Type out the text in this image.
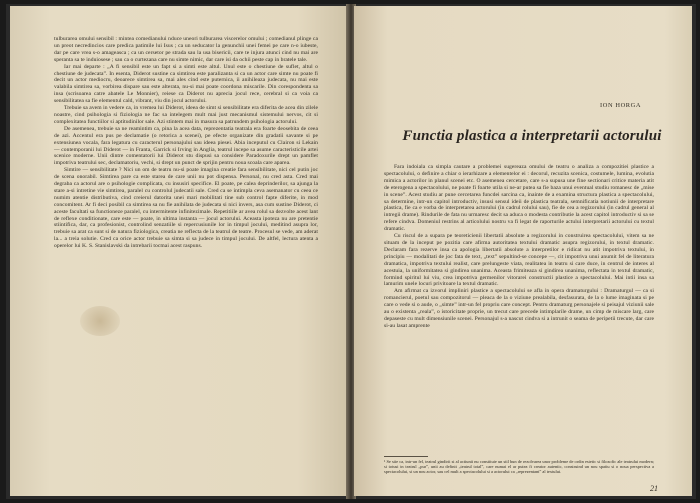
tulburarea omului sensibil : mintea comedianului nduce uneori tulburarea viscerelor omului ; comedianul plinge ca un preot necredincios care predica patimile lui Isus ; ca un seducator la genunchii unei femei pe care n-o iubeste, dar pe care vrea s-o amageasca ; ca un cersetor pe strada sau la usa bisericii, care te injura atunci cind nu mai are speranta sa te induiosese ; sau ca o curtezana care nu simte nimic, dar care isi da ochii peste cap in bratele tale.

Iar mai departe : „A fi sensibil este un fapt si a simti este altul. Unul este o chestiune de suflet, altul o chestiune de judecata”. In esenta, Diderot sustine ca simtirea este paralizanta si ca un actor care simte nu poate fi decit un actor mediocru, deoarece simtirea sa, mai ales cind este puternica, ii anihileaza judecata, nu mai este valabila simtirea sa, vorbirea dispare sau este alterata, nu-si mai poate coordona miscarile. Din corespondenta sa insa (scrisoarea catre abatele Le Monnier), reiese ca Diderot nu aprecia jocul rece, cerebral si ca voia ca sensibilitatea sa fie elementul cald, vibrant, viu din jocul actorului.

Trebuie sa avem in vedere ca, in vremea lui Diderot, ideea de simt si sensibilitate era diferita de acea din zilele noastre, cind psihologia si fiziologia ne fac sa intelegem mult mai just mecanismul sistemului nervos, cit si complexitatea functiilor si aptitudinilor sale. Azi stintem mai in masura sa patrundem psihologia actorului.

De asemenea, trebuie sa ne reamintim ca, pina la acea data, reprezentatia teatrala era foarte deosebita de ceea de azi. Accentul era pus pe declamatie (o retorica a scenei), pe efecte organizate din gradatii savante si pe extensiunea vocala, fara legatura cu caracterul personajului sau ideea piesei. Abia inceputul cu Clairon si Lekain — contemporanii lui Diderot — in Franta, Garrick si Irving in Anglia, teatrul incepe sa asume caracteristicile artei scenice moderne. Unii dintre comentatorii lui Diderot stu dispusi sa considere Paradoxurile drept un pamflet impotriva teatrului sec, declamatoriu, vechi, si drept un punct de sprijin pentru noua scoala care aparea.

Simtire — sensibilitate ? Nici un om de teatru nu-si poate imagina creatie fara sensibilitate, nici cel putin joc de scena onorabil. Simtirea pare ca este starea de care unii nu pot dispensa. Personal, nu cred asta. Cred mai degraba ca actorul are o psihologie complicata, cu insusiri specifice. El poate, pe calea deprinderilor, sa ajunga la stare a-si intretine vie simtirea, paralel cu controlul judecatii sale. Cred ca se intimpla ceva asemanator cu ceea ce numim atentie distributiva, cind creierul datorita unei mari mobilitati tine sub control fapte diferite, in mod concomitent. Ar fi deci posibil ca simtirea sa nu fie anihilata de judecata si nici invers, asa cum sustine Diderot, ci aceste facultati sa functioneze paralel, cu intermitente infinitezimale. Repetitiile ar avea rolul sa dezvolte acest lant de reflexe conditionate, care este — poate, in ultima instanta — jocul actorului. Aceasta ipoteza nu are pretentie stiintifica, dar, ca profesionist, controlind senzatiile si repercusiunile lor in timpul jocului, meditind asupra lor, trebuie sa arat ca sunt si de natura fiziologica, creatia ne reflecta de la teatrul de teatre. Procesul se vede, am aderat la... a treia solutie. Cred ca orice actor trebuie sa simta si sa judece in timpul jocului. De altfel, lectura atenta a operelor lui K. S. Stanislavski da intrebarii tocmai acest raspuns.

ION HORGA
Functia plastica a interpretarii actorului

Fara indoiala ca simpla cautare a problemei sugereaza omului de teatru o analiza a compozitiei plastice a spectacolului, o definire a chiar o ierarhizare a elementelor ei : decorul, recuzita scenica, costumele, lumina, evolutia mimica a actorilor in planul scenei etc. O asemenea cercetare, care s-a supusa une fine sectionari critice materia atit de eterogena a spectacolului, ne poate fi foarte utila si ne-ar putea sa fie baza unui eventual studiu romanesc de „mise in scene”. Acest studiu ar pune cercetarea funcdei sarcina ca, inainte de a examina structura plastica a spectacolului, sa determine, intr-un capitol introductiv, insusi sensul ideii de plastica teatrala, semnificatia notiunii de interpretare plastica, fie ca e vorba de interpretarea actorului (in cadrul rolului sau), fie de cea a regizorului (in cadrul general al intregii drame). Rindurile de fata nu urmaresc decit sa aduca o modesta contributie la acest capitol introductiv si sa se refere cindva. Domeniul restrins al articolului nostru va fi legat de raporturile actului interpretarii actorului cu textul dramatic.

Cu riscul de a supara pe teoreticienii libertatii absolute a regizorului in construirea spectacolului, vitem sa ne situam de la inceput pe pozitia care afirma autoritatea textului dramatic asupra regizorului, in textul dramatic. Declaram fara rezerve insa ca apologia libertatii absolute a interpretilor e ridicat nu atit impotriva textului, in principiu — modalitati de joc fata de text, „text” sepultind-se concepe —, cit impotriva unui anumit fel de literatura dramatica, impotriva textului realist, care prelungeste viata, realitatea in teatru si care duce, in centrul de interes al acestuia, la uniformitatea si gindirea unanima. Aceasta frimiteaza si gindirea unanima, reflectata in textul dramatic, formind spiritul lui viu, crea impotriva germenilor vitorarei constructii plastice a spectacolului. Mai intii insa sa lamurim unele locuri privitoare la textul dramatic.

Am afirmat ca izvorul impliniri plastice a spectacolului se afla in opera dramaturgului : Dramaturgul — ca si romancierul, poetul sau compozitorul — pleaca de la o viziune prealabila, desfasurata, de la o lume imaginata si pe care o vede si o aude, o „simte” intr-un fel propriu care concept. Pentru dramaturg personajele si peisajul viziunii sale au o existenta „reala”, o istoricitate proprie, un trecut care precede intimplarile drame, un cimp de miscare larg, care depaseste cu mult dimensiunile scenei. Personajul s-a nascut cindva si a intrunit o seama de peripetii trecute, dar care si-au lasat amprente

¹ Se stie ca, intr-un fel, teatrul gindirii si al actiunii nu constituie un stil bun de rezolvarea unor probleme de ordin estetic si filozofic ale teatrului modern; si totusi in teatrul „pur”, unii au definit „teatrul total”, care numai el ar putea fi creator autentic, construind un nou spatiu si o noua perspectiva a spectacolului, si un nou actor, sau cel mult a spectacolului si a actorului ca „reprezentant” al textului.
21
